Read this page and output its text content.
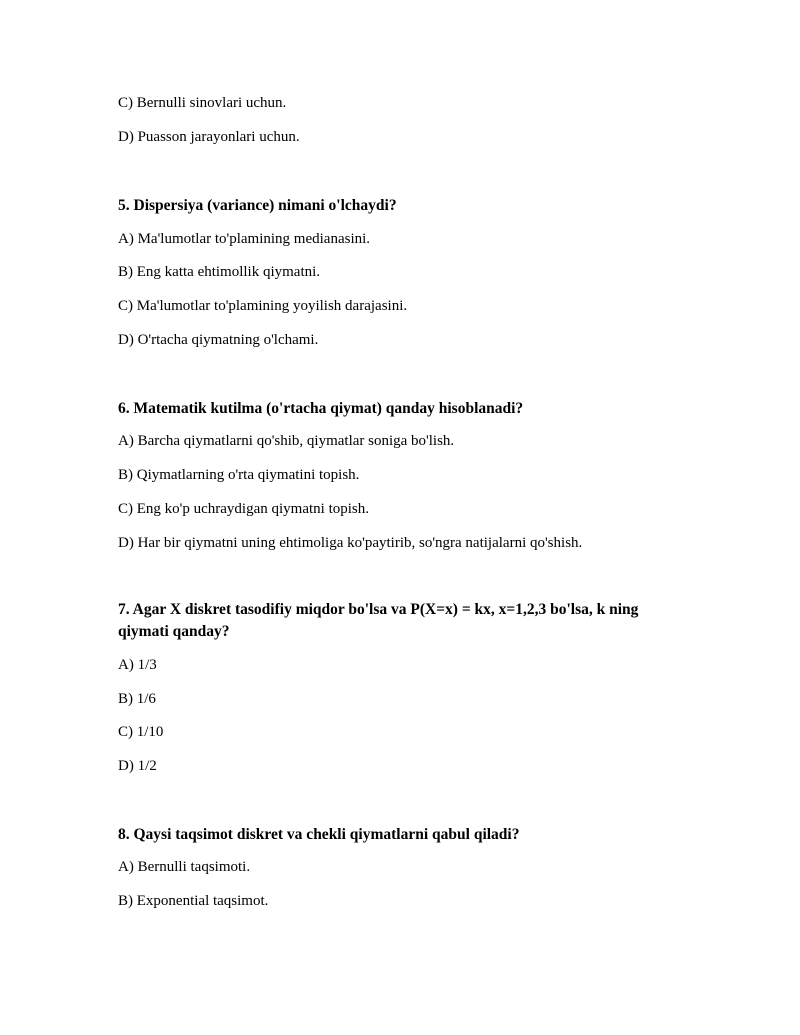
C) Bernulli sinovlari uchun.
D) Puasson jarayonlari uchun.
5. Dispersiya (variance) nimani o'lchaydi?
A) Ma'lumotlar to'plamining medianasini.
B) Eng katta ehtimollik qiymatni.
C) Ma'lumotlar to'plamining yoyilish darajasini.
D) O'rtacha qiymatning o'lchami.
6. Matematik kutilma (o'rtacha qiymat) qanday hisoblanadi?
A) Barcha qiymatlarni qo'shib, qiymatlar soniga bo'lish.
B) Qiymatlarning o'rta qiymatini topish.
C) Eng ko'p uchraydigan qiymatni topish.
D) Har bir qiymatni uning ehtimoliga ko'paytirib, so'ngra natijalarni qo'shish.
7. Agar X diskret tasodifiy miqdor bo'lsa va P(X=x) = kx, x=1,2,3 bo'lsa, k ning qiymati qanday?
A) 1/3
B) 1/6
C) 1/10
D) 1/2
8. Qaysi taqsimot diskret va chekli qiymatlarni qabul qiladi?
A) Bernulli taqsimoti.
B) Exponential taqsimot.
